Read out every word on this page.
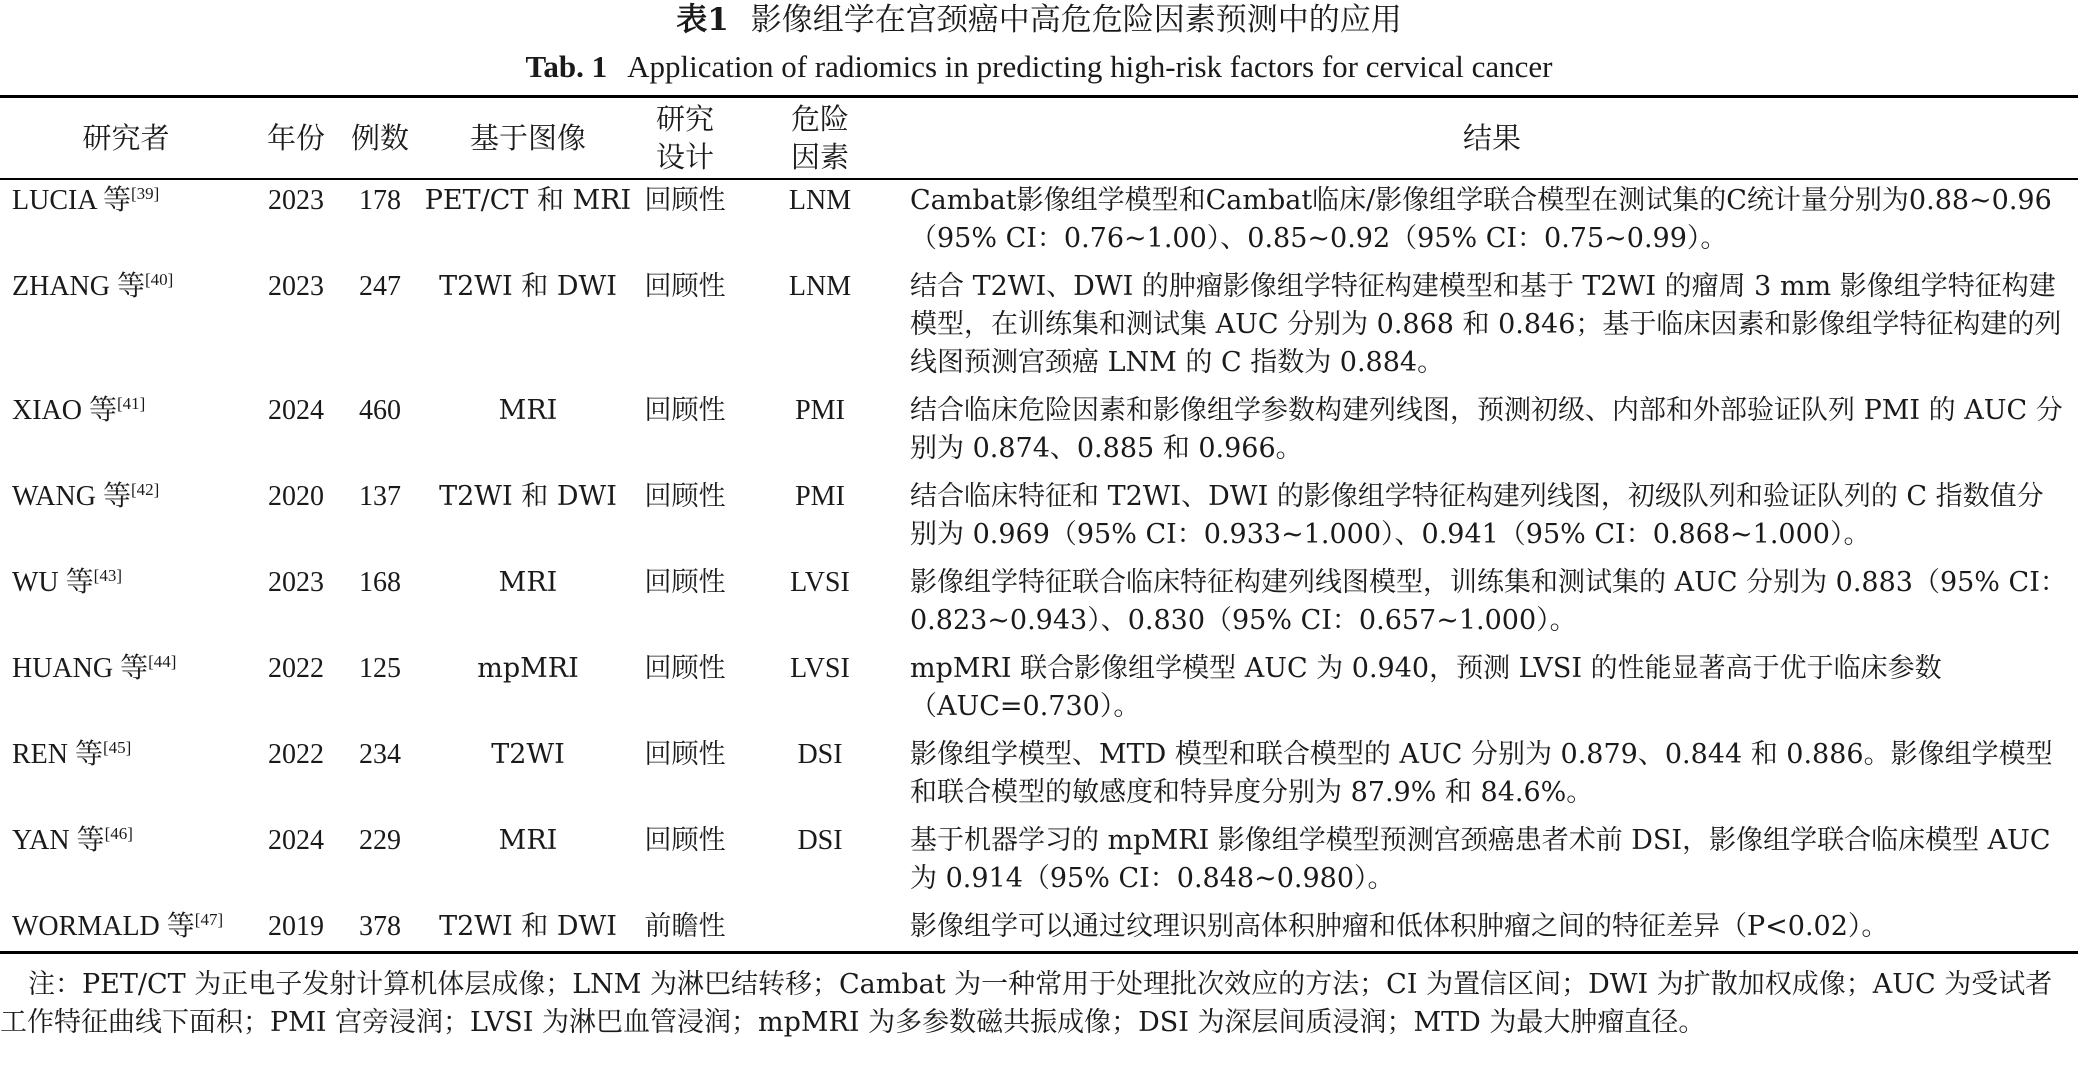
表1 影像组学在宫颈癌中高危危险因素预测中的应用
Tab. 1 Application of radiomics in predicting high-risk factors for cervical cancer
研究者	年份	例数	基于图像	研究设计	危险因素	结果
LUCIA 等[39]	2023	178	PET/CT 和 MRI	回顾性	LNM	Cambat影像组学模型和Cambat临床/影像组学联合模型在测试集的C统计量分别为0.88~0.96（95% CI：0.76~1.00）、0.85~0.92（95% CI：0.75~0.99）。
ZHANG 等[40]	2023	247	T2WI 和 DWI	回顾性	LNM	结合 T2WI、DWI 的肿瘤影像组学特征构建模型和基于 T2WI 的瘤周 3 mm 影像组学特征构建模型，在训练集和测试集 AUC 分别为 0.868 和 0.846；基于临床因素和影像组学特征构建的列线图预测宫颈癌 LNM 的 C 指数为 0.884。
XIAO 等[41]	2024	460	MRI	回顾性	PMI	结合临床危险因素和影像组学参数构建列线图，预测初级、内部和外部验证队列 PMI 的 AUC 分别为 0.874、0.885 和 0.966。
WANG 等[42]	2020	137	T2WI 和 DWI	回顾性	PMI	结合临床特征和 T2WI、DWI 的影像组学特征构建列线图，初级队列和验证队列的 C 指数值分别为 0.969（95% CI：0.933~1.000）、0.941（95% CI：0.868~1.000）。
WU 等[43]	2023	168	MRI	回顾性	LVSI	影像组学特征联合临床特征构建列线图模型，训练集和测试集的 AUC 分别为 0.883（95% CI：0.823~0.943）、0.830（95% CI：0.657~1.000）。
HUANG 等[44]	2022	125	mpMRI	回顾性	LVSI	mpMRI 联合影像组学模型 AUC 为 0.940，预测 LVSI 的性能显著高于优于临床参数（AUC=0.730）。
REN 等[45]	2022	234	T2WI	回顾性	DSI	影像组学模型、MTD 模型和联合模型的 AUC 分别为 0.879、0.844 和 0.886。影像组学模型和联合模型的敏感度和特异度分别为 87.9% 和 84.6%。
YAN 等[46]	2024	229	MRI	回顾性	DSI	基于机器学习的 mpMRI 影像组学模型预测宫颈癌患者术前 DSI，影像组学联合临床模型 AUC 为 0.914（95% CI：0.848~0.980）。
WORMALD 等[47]	2019	378	T2WI 和 DWI	前瞻性		影像组学可以通过纹理识别高体积肿瘤和低体积肿瘤之间的特征差异（P<0.02）。
注：PET/CT 为正电子发射计算机体层成像；LNM 为淋巴结转移；Cambat 为一种常用于处理批次效应的方法；CI 为置信区间；DWI 为扩散加权成像；AUC 为受试者工作特征曲线下面积；PMI 宫旁浸润；LVSI 为淋巴血管浸润；mpMRI 为多参数磁共振成像；DSI 为深层间质浸润；MTD 为最大肿瘤直径。
